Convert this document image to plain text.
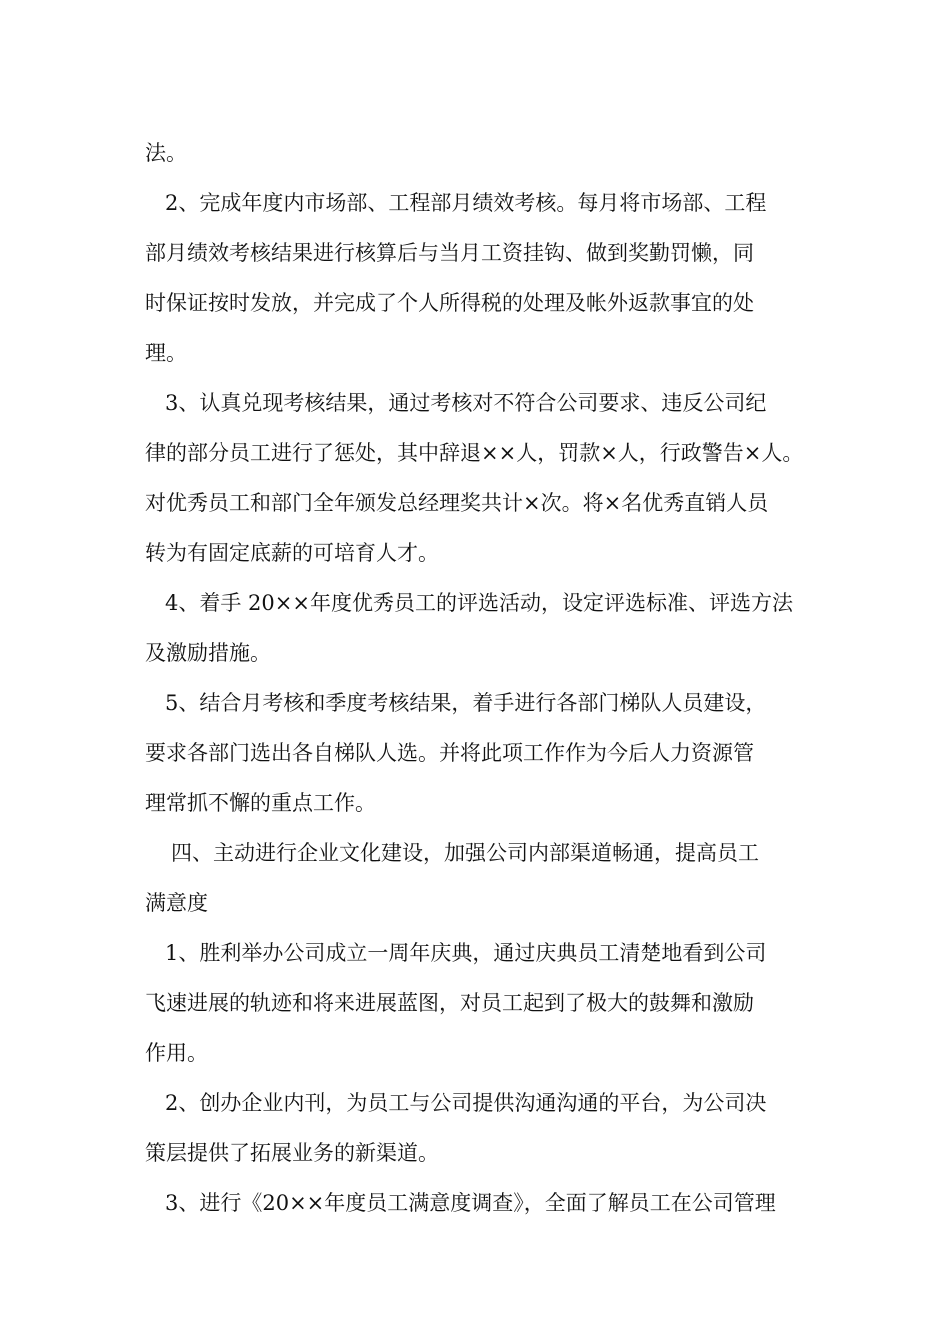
法。
2、完成年度内市场部、工程部月绩效考核。每月将市场部、工程
部月绩效考核结果进行核算后与当月工资挂钩、做到奖勤罚懒，同
时保证按时发放，并完成了个人所得税的处理及帐外返款事宜的处
理。
3、认真兑现考核结果，通过考核对不符合公司要求、违反公司纪
律的部分员工进行了惩处，其中辞退××人，罚款×人，行政警告×人。
对优秀员工和部门全年颁发总经理奖共计×次。将×名优秀直销人员
转为有固定底薪的可培育人才。
4、着手 20××年度优秀员工的评选活动，设定评选标准、评选方法
及激励措施。
5、结合月考核和季度考核结果，着手进行各部门梯队人员建设，
要求各部门选出各自梯队人选。并将此项工作作为今后人力资源管
理常抓不懈的重点工作。
四、主动进行企业文化建设，加强公司内部渠道畅通，提高员工
满意度
1、胜利举办公司成立一周年庆典，通过庆典员工清楚地看到公司
飞速进展的轨迹和将来进展蓝图，对员工起到了极大的鼓舞和激励
作用。
2、创办企业内刊，为员工与公司提供沟通沟通的平台，为公司决
策层提供了拓展业务的新渠道。
3、进行《20××年度员工满意度调查》，全面了解员工在公司管理
